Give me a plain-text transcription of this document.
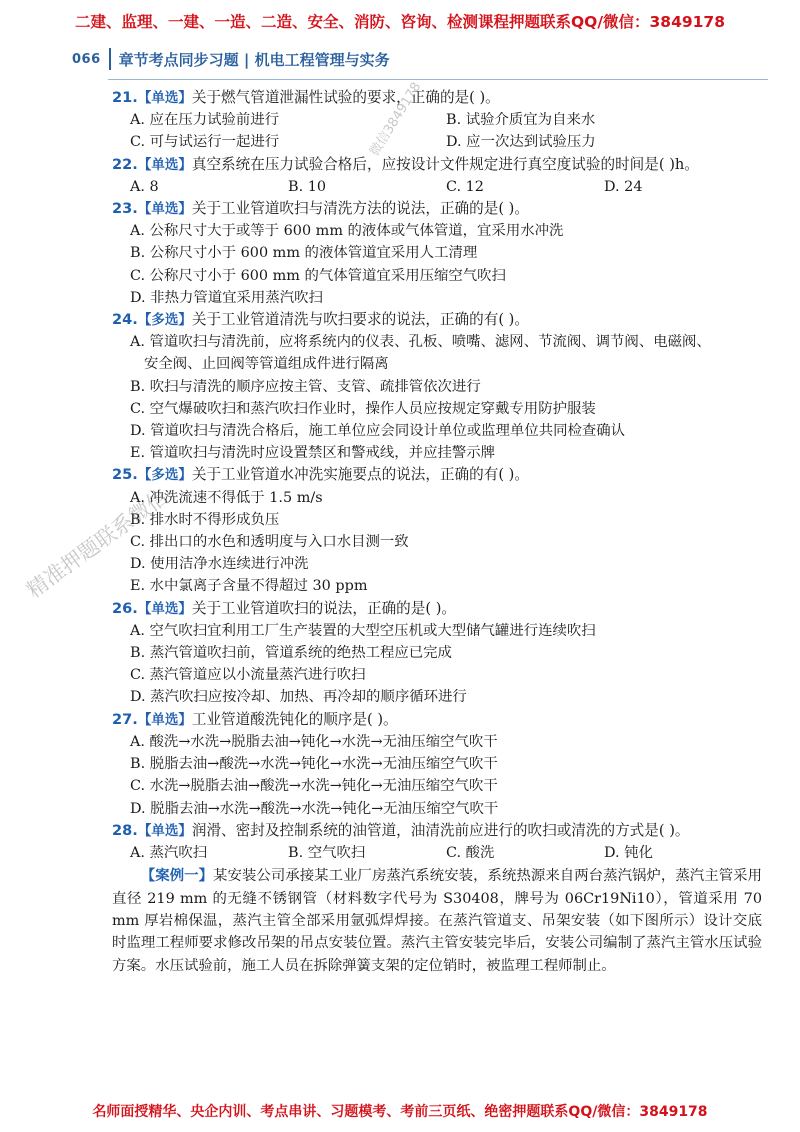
二建、监理、一建、一造、二造、安全、消防、咨询、检测课程押题联系QQ/微信：3849178
066 章节考点同步习题 | 机电工程管理与实务
21.【单选】关于燃气管道泄漏性试验的要求，正确的是( )。
A. 应在压力试验前进行	B. 试验介质宜为自来水
C. 可与试运行一起进行	D. 应一次达到试验压力
22.【单选】真空系统在压力试验合格后，应按设计文件规定进行真空度试验的时间是( )h。
A. 8	B. 10	C. 12	D. 24
23.【单选】关于工业管道吹扫与清洗方法的说法，正确的是( )。
A. 公称尺寸大于或等于 600 mm 的液体或气体管道，宜采用水冲洗
B. 公称尺寸小于 600 mm 的液体管道宜采用人工清理
C. 公称尺寸小于 600 mm 的气体管道宜采用压缩空气吹扫
D. 非热力管道宜采用蒸汽吹扫
24.【多选】关于工业管道清洗与吹扫要求的说法，正确的有( )。
A. 管道吹扫与清洗前，应将系统内的仪表、孔板、喷嘴、滤网、节流阀、调节阀、电磁阀、
安全阀、止回阀等管道组成件进行隔离
B. 吹扫与清洗的顺序应按主管、支管、疏排管依次进行
C. 空气爆破吹扫和蒸汽吹扫作业时，操作人员应按规定穿戴专用防护服装
D. 管道吹扫与清洗合格后，施工单位应会同设计单位或监理单位共同检查确认
E. 管道吹扫与清洗时应设置禁区和警戒线，并应挂警示牌
25.【多选】关于工业管道水冲洗实施要点的说法，正确的有( )。
A. 冲洗流速不得低于 1.5 m/s
B. 排水时不得形成负压
C. 排出口的水色和透明度与入口水目测一致
D. 使用洁净水连续进行冲洗
E. 水中氯离子含量不得超过 30 ppm
26.【单选】关于工业管道吹扫的说法，正确的是( )。
A. 空气吹扫宜利用工厂生产装置的大型空压机或大型储气罐进行连续吹扫
B. 蒸汽管道吹扫前，管道系统的绝热工程应已完成
C. 蒸汽管道应以小流量蒸汽进行吹扫
D. 蒸汽吹扫应按冷却、加热、再冷却的顺序循环进行
27.【单选】工业管道酸洗钝化的顺序是( )。
A. 酸洗→水洗→脱脂去油→钝化→水洗→无油压缩空气吹干
B. 脱脂去油→酸洗→水洗→钝化→水洗→无油压缩空气吹干
C. 水洗→脱脂去油→酸洗→水洗→钝化→无油压缩空气吹干
D. 脱脂去油→水洗→酸洗→水洗→钝化→无油压缩空气吹干
28.【单选】润滑、密封及控制系统的油管道，油清洗前应进行的吹扫或清洗的方式是( )。
A. 蒸汽吹扫	B. 空气吹扫	C. 酸洗	D. 钝化
【案例一】某安装公司承接某工业厂房蒸汽系统安装，系统热源来自两台蒸汽锅炉，蒸汽主管采用直径 219 mm 的无缝不锈钢管（材料数字代号为 S30408，牌号为 06Cr19Ni10），管道采用 70 mm 厚岩棉保温，蒸汽主管全部采用氩弧焊焊接。在蒸汽管道支、吊架安装（如下图所示）设计交底时监理工程师要求修改吊架的吊点安装位置。蒸汽主管安装完毕后，安装公司编制了蒸汽主管水压试验方案。水压试验前，施工人员在拆除弹簧支架的定位销时，被监理工程师制止。
精准押题联系微信
微信3849178
名师面授精华、央企内训、考点串讲、习题模考、考前三页纸、绝密押题联系QQ/微信：3849178
